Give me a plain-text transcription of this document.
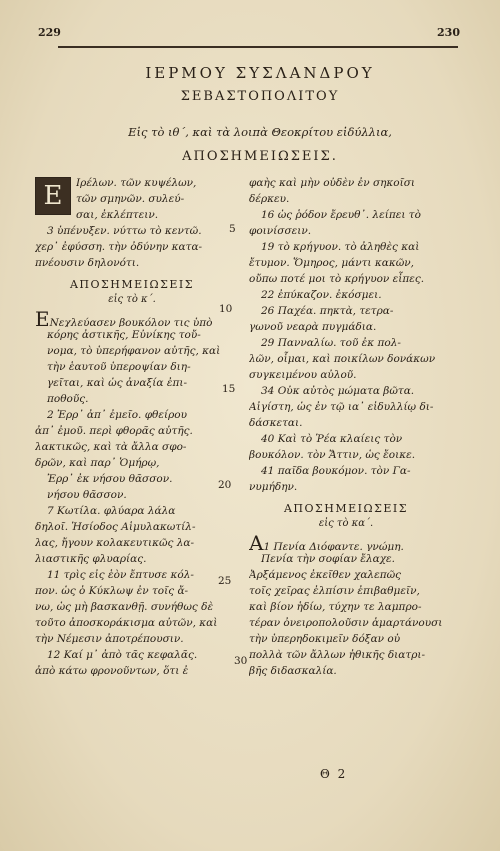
229	230
ΙΕΡΜΟΥ ΣΥΣΛΑΝΔΡΟΥ
ΣΕΒΑΣΤΟΠΟΛΙΤΟΥ
Εἰς τὸ ιθ΄, καὶ τὰ λοιπὰ Θεοκρίτου εἰδύλλια,
ΑΠΟΣΗΜΕΙΩΣΕΙΣ.
Ε	Ιρέλων. τῶν κυψέλων,
τῶν σμηνῶν. συλεύ-
σαι, ἐκλέπτειν.
3 ὑπένυξεν. νύττω τὸ κεντῶ.
χερ᾽ ἐφύσση. τὴν ὀδύνην κατα-
πνέουσιν δηλονότι.
ΑΠΟΣΗΜΕΙΩΣΕΙΣ
εἰς τὸ κ΄.
ΕΝεχλεύασεν βουκόλον τις ὑπὸ
κόρης ἀστικῆς, Εὐνίκης τοὔ-
νομα, τὸ ὑπερήφανον αὐτῆς, καὶ
τὴν ἑαυτοῦ ὑπεροψίαν διη-
γεῖται, καὶ ὡς ἀναξία ἐπι-
ποθοῦς.
2 Ἐρρ᾽ ἀπ᾽ ἐμεῖο. φθείρου
ἀπ᾽ ἐμοῦ. περὶ φθορᾶς αὐτῆς.
λακτικῶς, καὶ τὰ ἄλλα σφο-
δρῶν, καὶ παρ᾽ Ὁμήρῳ,
Ἐρρ᾽ ἐκ νήσου θᾶσσον.
νήσου θᾶσσον.
7 Κωτίλα. φλύαρα λάλα
δηλοῖ. Ἡσίοδος Αἱμυλακωτίλ-
λας, ἤγουν κολακευτικῶς λα-
λιαστικῆς φλυαρίας.
11 τρὶς εἰς ἑὸν ἔπτυσε κόλ-
πον. ὡς ὁ Κύκλωψ ἐν τοῖς ἄ-
νω, ὡς μὴ βασκανθῇ. συνήθως δὲ
τοῦτο ἀποσκοράκισμα αὐτῶν, καὶ
τὴν Νέμεσιν ἀποτρέπουσιν.
12 Καί μ᾽ ἀπὸ τᾶς κεφαλᾶς.
ἀπὸ κάτω φρονοῦντων, ὅτι ἐ
φαὴς καὶ μὴν οὐδὲν ἐν σηκοῖσι
δέρκευ.
16 ὡς ῥόδον ἔρευθ᾽. λείπει τὸ
φοινίσσειν.
19 τὸ κρήγυον. τὸ ἀληθὲς καὶ
ἔτυμον. Ὅμηρος, μάντι κακῶν,
οὔπω ποτέ μοι τὸ κρήγυον εἶπες.
22 ἐπύκαζον. ἐκόσμει.
26 Παχέα. πηκτὰ, τετρα-
γωνοῦ νεαρὰ πυγμάδια.
29 Πανναλίω. τοῦ ἐκ πολ-
λῶν, οἷμαι, καὶ ποικίλων δονάκων
συγκειμένου αὐλοῦ.
34 Οὐκ αὐτὸς μώματα βῶτα.
Αἰγίστη, ὡς ἐν τῷ ια᾽ εἰδυλλίῳ δι-
δάσκεται.
40 Καὶ τὸ Ῥέα κλαίεις τὸν
βουκόλον. τὸν Ἄττιν, ὡς ἔοικε.
41 παῖδα βουκόμον. τὸν Γα-
νυμήδην.
ΑΠΟΣΗΜΕΙΩΣΕΙΣ
εἰς τὸ κα΄.
Α1 Πενία Διόφαντε. γνώμη.
Πενία τὴν σοφίαν ἔλαχε.
Ἀρξάμενος ἐκεῖθεν χαλεπῶς
τοῖς χεῖρας ἐλπίσιν ἐπιβαθμεῖν,
καὶ βίον ἡδίω, τύχην τε λαμπρο-
τέραν ὀνειροπολοῦσιν ἁμαρτάνουσι
τὴν ὑπερηδοκιμεῖν δόξαν οὐ
πολλὰ τῶν ἄλλων ἠθικῆς διατρι-
βῆς διδασκαλία.
5
10
15
20
25
30
Θ 2
